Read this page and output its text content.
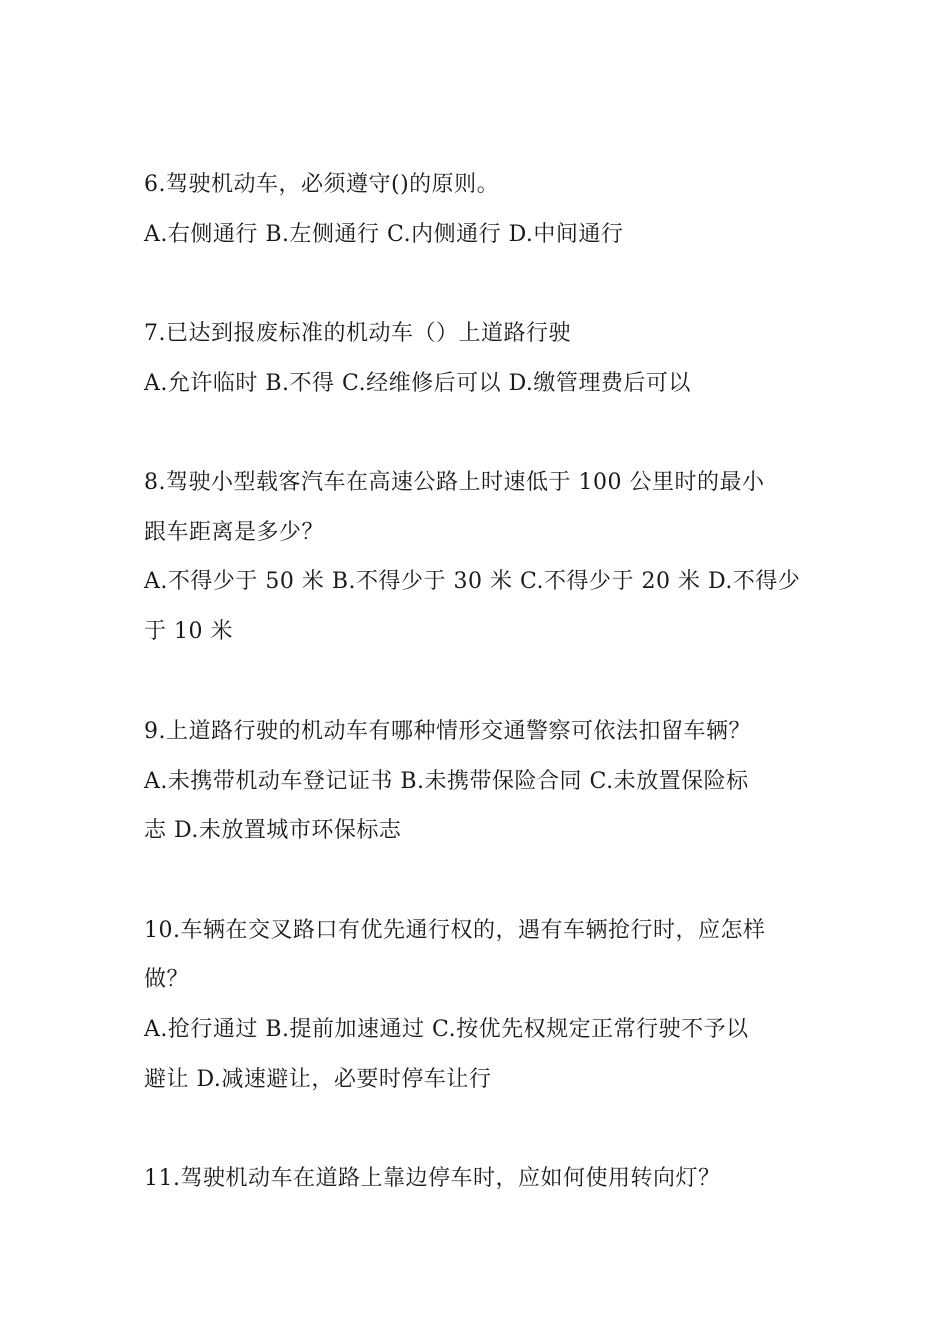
6.驾驶机动车，必须遵守()的原则。
A.右侧通行 B.左侧通行 C.内侧通行 D.中间通行
7.已达到报废标准的机动车（）上道路行驶
A.允许临时 B.不得 C.经维修后可以 D.缴管理费后可以
8.驾驶小型载客汽车在高速公路上时速低于 100 公里时的最小
跟车距离是多少？
A.不得少于 50 米 B.不得少于 30 米 C.不得少于 20 米 D.不得少
于 10 米
9.上道路行驶的机动车有哪种情形交通警察可依法扣留车辆？
A.未携带机动车登记证书 B.未携带保险合同 C.未放置保险标
志 D.未放置城市环保标志
10.车辆在交叉路口有优先通行权的，遇有车辆抢行时，应怎样
做？
A.抢行通过 B.提前加速通过 C.按优先权规定正常行驶不予以
避让 D.减速避让，必要时停车让行
11.驾驶机动车在道路上靠边停车时，应如何使用转向灯？
